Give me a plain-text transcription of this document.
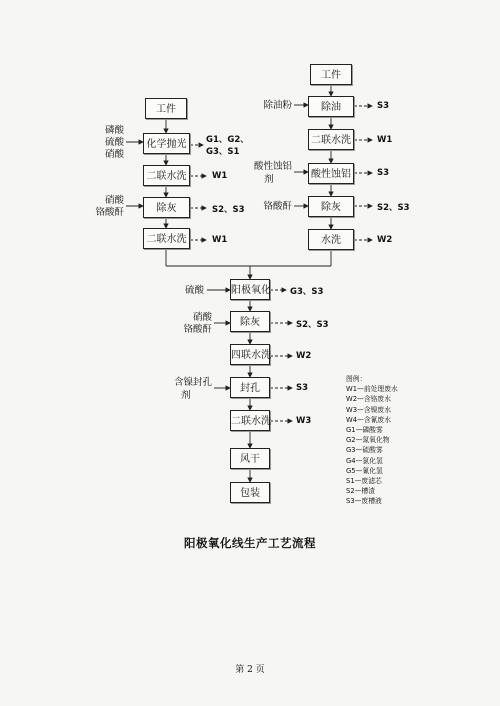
工件
化学抛光
二联水洗
除灰
二联水洗
磷酸
硫酸
硝酸
硝酸
铬酸酐
G1、G2、
G3、S1
W1
S2、S3
W1
工件
除油
二联水洗
酸性蚀铝
除灰
水洗
除油粉
酸性蚀铝
剂
铬酸酐
S3
W1
S3
S2、S3
W2
阳极氧化
除灰
四联水洗
封孔
二联水洗
风干
包装
硫酸
硝酸
铬酸酐
含镍封孔
剂
G3、S3
S2、S3
W2
S3
W3
图例：
W1—前处理废水
W2—含铬废水
W3—含镍废水
W4—含氰废水
G1—磷酸雾
G2—氮氧化物
G3—硫酸雾
G4—氯化氢
G5—氰化氢
S1—废滤芯
S2—槽渣
S3—废槽液
阳极氧化线生产工艺流程
第 2 页
